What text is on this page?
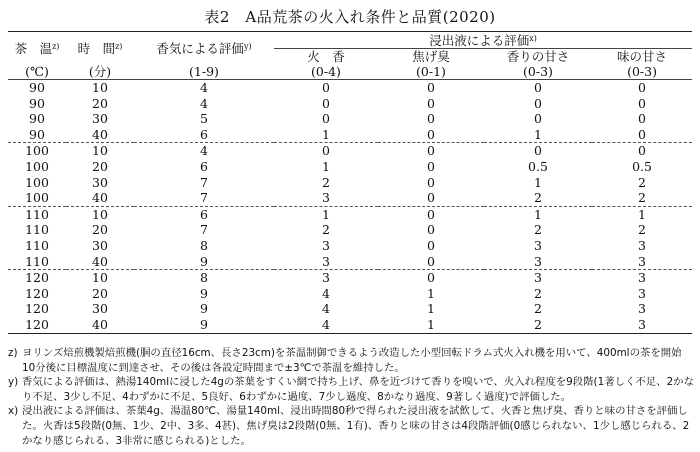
表2　A品荒茶の火入れ条件と品質(2020)
茶　温$^{z)}$	時　間$^{z)}$	香気による評価$^{y)}$	浸出液による評価$^{x)}$
			火　香	焦げ臭	香りの甘さ	味の甘さ
(℃)	(分)	(1-9)	(0-4)	(0-1)	(0-3)	(0-3)
90	10	4	0	0	0	0
90	20	4	0	0	0	0
90	30	5	0	0	0	0
90	40	6	1	0	1	0
100	10	4	0	0	0	0
100	20	6	1	0	0.5	0.5
100	30	7	2	0	1	2
100	40	7	3	0	2	2
110	10	6	1	0	1	1
110	20	7	2	0	2	2
110	30	8	3	0	3	3
110	40	9	3	0	3	3
120	10	8	3	0	3	3
120	20	9	4	1	2	3
120	30	9	4	1	2	3
120	40	9	4	1	2	3
z) ヨリンズ焙煎機製焙煎機(胴の直径16cm、長さ23cm)を茶温制御できるよう改造した小型回転ドラム式火入れ機を用いて、400mlの茶を開始10分後に目標温度に到達させ、その後は各設定時間まで±3℃で茶温を維持した。
y) 香気による評価は、熱湯140mlに浸した4gの茶葉をすくい網で持ち上げ、鼻を近づけて香りを嗅いで、火入れ程度を9段階(1著しく不足、2かなり不足、3少し不足、4わずかに不足、5良好、6わずかに過度、7少し過度、8かなり過度、9著しく過度)で評価した。
x) 浸出液による評価は、茶葉4g、湯温80℃、湯量140ml、浸出時間80秒で得られた浸出液を試飲して、火香と焦げ臭、香りと味の甘さを評価した。火香は5段階(0無、1少、2中、3多、4甚)、焦げ臭は2段階(0無、1有)、香りと味の甘さは4段階評価(0感じられない、1少し感じられる、2かなり感じられる、3非常に感じられる)とした。
